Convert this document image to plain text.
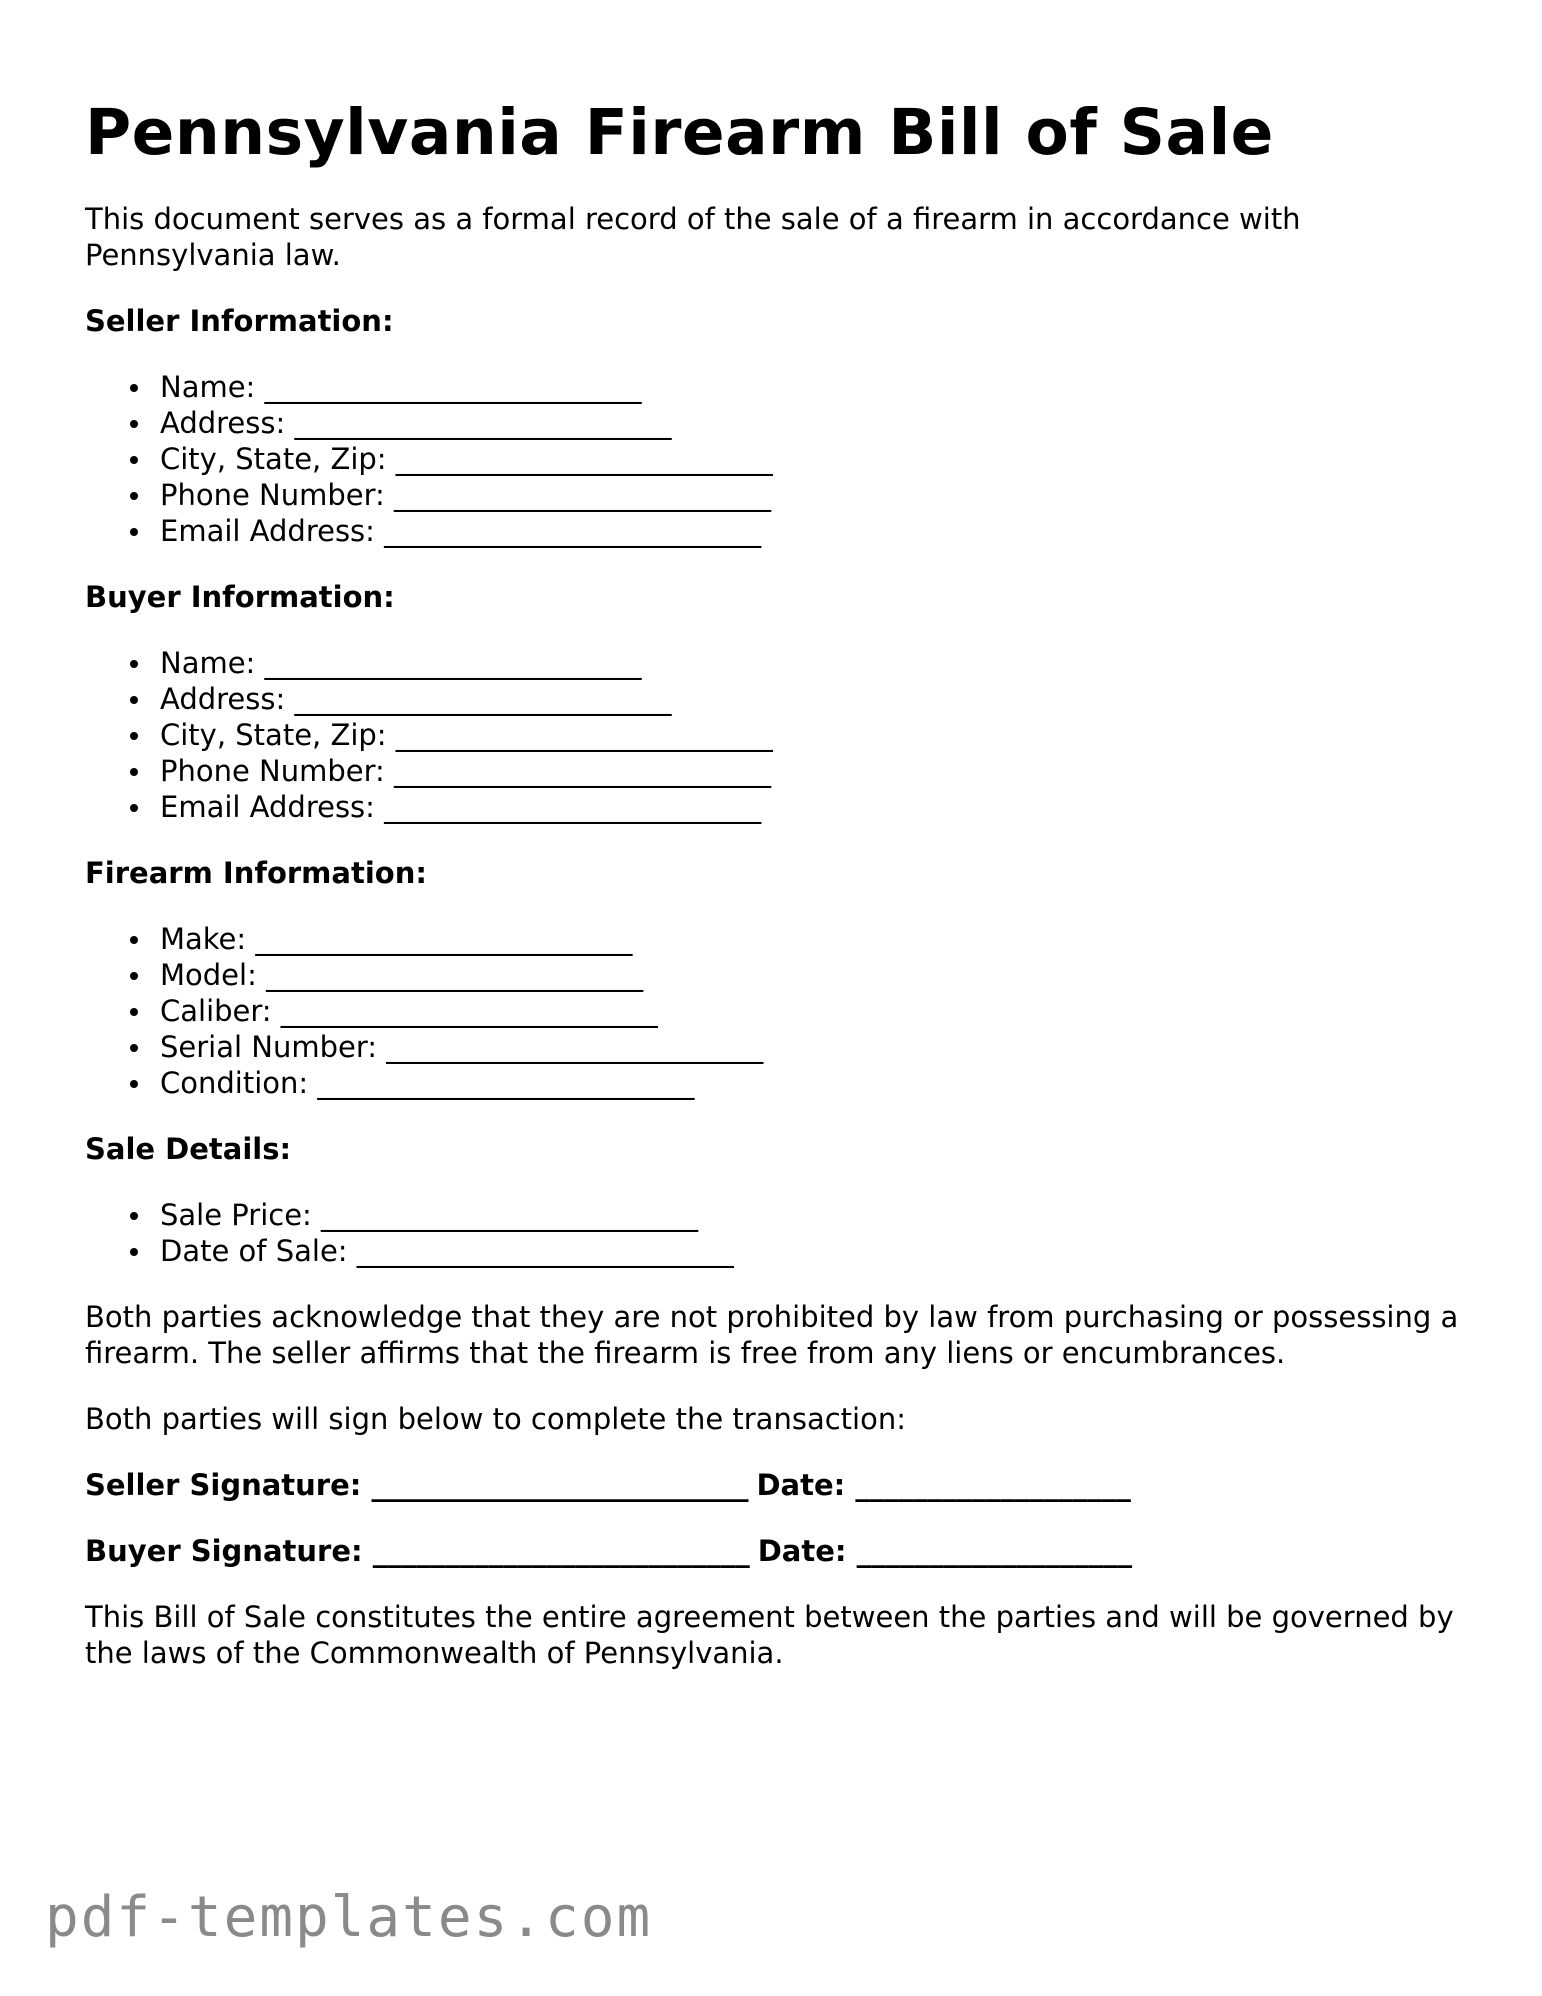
Pennsylvania Firearm Bill of Sale

This document serves as a formal record of the sale of a firearm in accordance with Pennsylvania law.

Seller Information:

Name: __________________________
Address: __________________________
City, State, Zip: __________________________
Phone Number: __________________________
Email Address: __________________________

Buyer Information:

Name: __________________________
Address: __________________________
City, State, Zip: __________________________
Phone Number: __________________________
Email Address: __________________________

Firearm Information:

Make: __________________________
Model: __________________________
Caliber: __________________________
Serial Number: __________________________
Condition: __________________________

Sale Details:

Sale Price: __________________________
Date of Sale: __________________________

Both parties acknowledge that they are not prohibited by law from purchasing or possessing a firearm. The seller affirms that the firearm is free from any liens or encumbrances.

Both parties will sign below to complete the transaction:

Seller Signature: __________________________ Date: ___________________

Buyer Signature: __________________________ Date: ___________________

This Bill of Sale constitutes the entire agreement between the parties and will be governed by the laws of the Commonwealth of Pennsylvania.

pdf-templates.com
